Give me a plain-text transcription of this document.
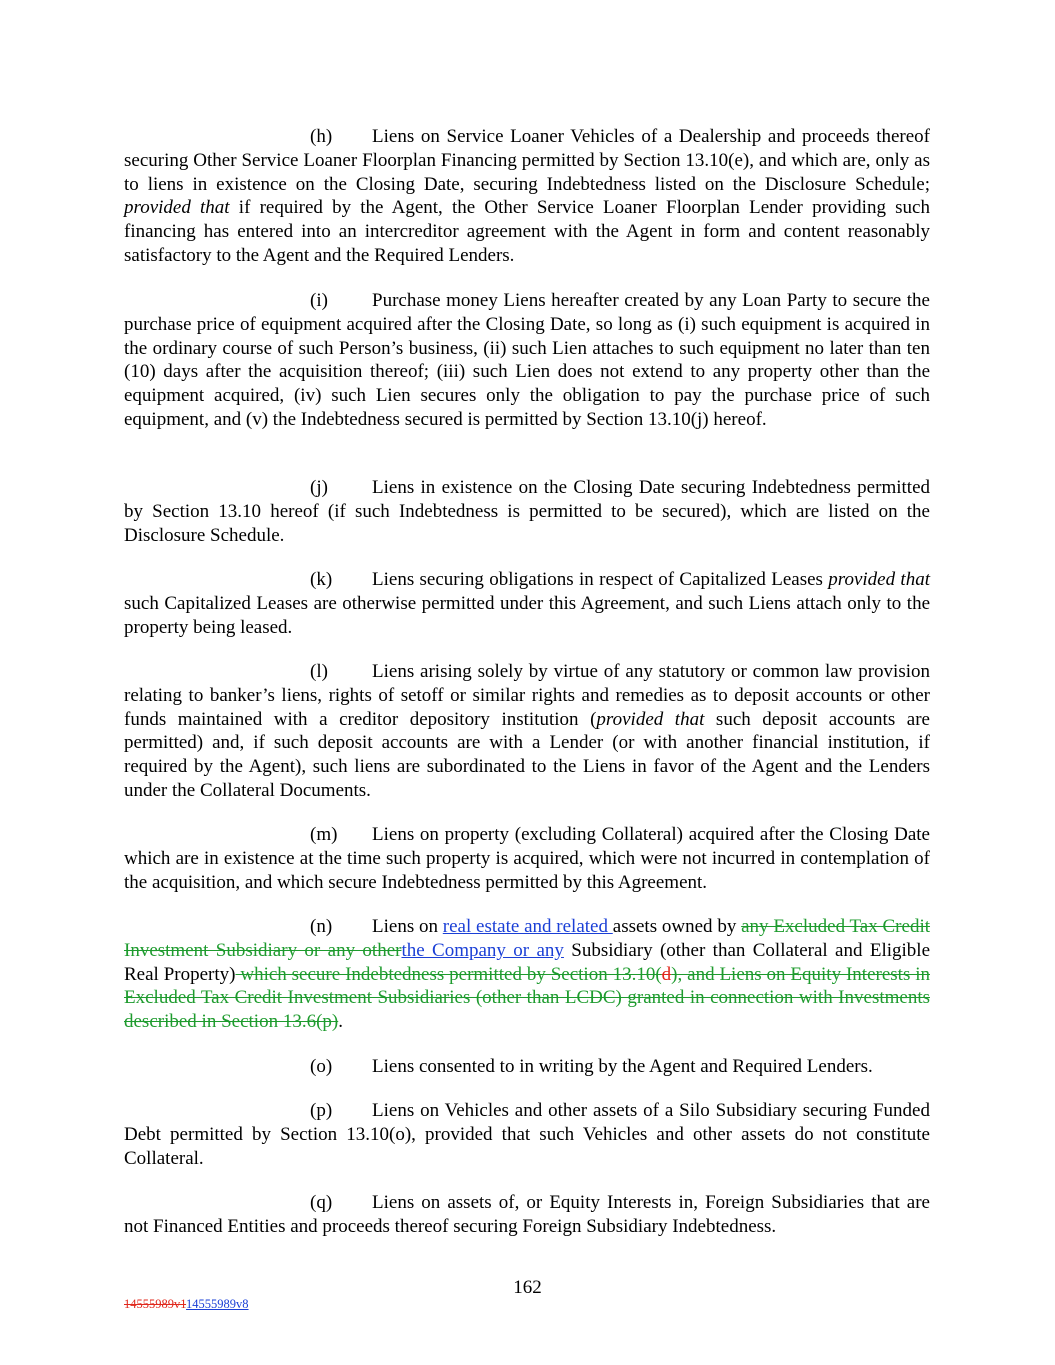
(h) Liens on Service Loaner Vehicles of a Dealership and proceeds thereof securing Other Service Loaner Floorplan Financing permitted by Section 13.10(e), and which are, only as to liens in existence on the Closing Date, securing Indebtedness listed on the Disclosure Schedule; provided that if required by the Agent, the Other Service Loaner Floorplan Lender providing such financing has entered into an intercreditor agreement with the Agent in form and content reasonably satisfactory to the Agent and the Required Lenders.

(i) Purchase money Liens hereafter created by any Loan Party to secure the purchase price of equipment acquired after the Closing Date, so long as (i) such equipment is acquired in the ordinary course of such Person’s business, (ii) such Lien attaches to such equipment no later than ten (10) days after the acquisition thereof; (iii) such Lien does not extend to any property other than the equipment acquired, (iv) such Lien secures only the obligation to pay the purchase price of such equipment, and (v) the Indebtedness secured is permitted by Section 13.10(j) hereof.

(j) Liens in existence on the Closing Date securing Indebtedness permitted by Section 13.10 hereof (if such Indebtedness is permitted to be secured), which are listed on the Disclosure Schedule.

(k) Liens securing obligations in respect of Capitalized Leases provided that such Capitalized Leases are otherwise permitted under this Agreement, and such Liens attach only to the property being leased.

(l) Liens arising solely by virtue of any statutory or common law provision relating to banker’s liens, rights of setoff or similar rights and remedies as to deposit accounts or other funds maintained with a creditor depository institution (provided that such deposit accounts are permitted) and, if such deposit accounts are with a Lender (or with another financial institution, if required by the Agent), such liens are subordinated to the Liens in favor of the Agent and the Lenders under the Collateral Documents.

(m) Liens on property (excluding Collateral) acquired after the Closing Date which are in existence at the time such property is acquired, which were not incurred in contemplation of the acquisition, and which secure Indebtedness permitted by this Agreement.

(n) Liens on real estate and related assets owned by any Excluded Tax Credit Investment Subsidiary or any otherthe Company or any Subsidiary (other than Collateral and Eligible Real Property) which secure Indebtedness permitted by Section 13.10(d), and Liens on Equity Interests in Excluded Tax Credit Investment Subsidiaries (other than LCDC) granted in connection with Investments described in Section 13.6(p).

(o) Liens consented to in writing by the Agent and Required Lenders.

(p) Liens on Vehicles and other assets of a Silo Subsidiary securing Funded Debt permitted by Section 13.10(o), provided that such Vehicles and other assets do not constitute Collateral.

(q) Liens on assets of, or Equity Interests in, Foreign Subsidiaries that are not Financed Entities and proceeds thereof securing Foreign Subsidiary Indebtedness.

162
14555989v114555989v8
